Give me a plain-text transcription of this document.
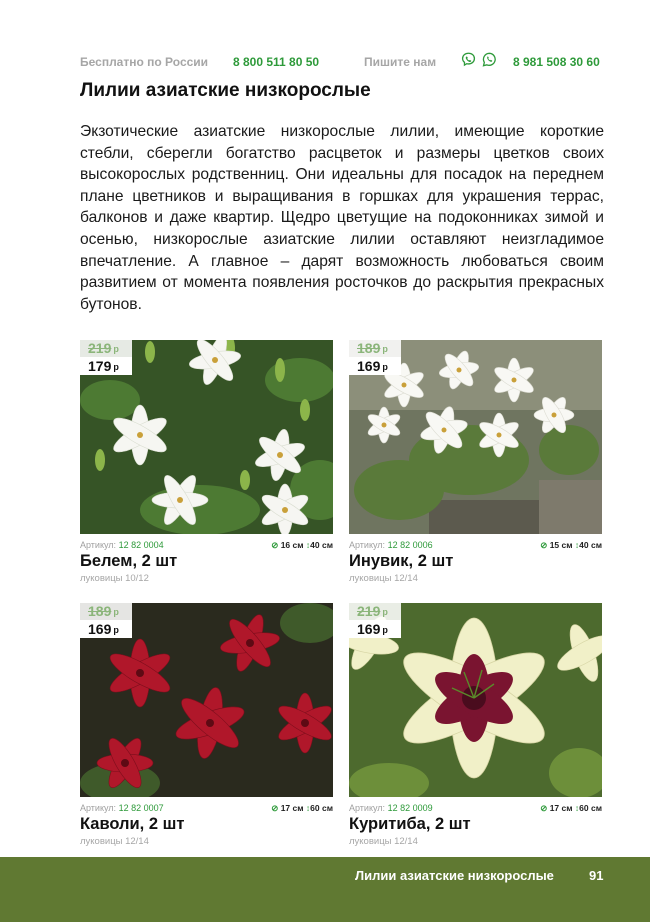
Бесплатно по России 8 800 511 80 50	Пишите нам	8 981 508 30 60
Лилии азиатские низкорослые

Экзотические азиатские низкорослые лилии, имеющие короткие стебли, сберегли богатство расцветок и размеры цветков своих высокорослых родственниц. Они идеальны для посадок на переднем плане цветников и выращивания в горшках для украшения террас, балконов и даже квартир. Щедро цветущие на подоконниках зимой и осенью, низкорослые азиатские лилии оставляют неизгладимое впечатление. А главное – дарят возможность любоваться своим развитием от момента появления росточков до раскрытия прекрасных бутонов.

219 р
179 р
Артикул: 12 82 0004	⊘ 16 см ↕40 см
Белем, 2 шт
луковицы 10/12
189 р
169 р
Артикул: 12 82 0006	⊘ 15 см ↕40 см
Инувик, 2 шт
луковицы 12/14
189 р
169 р
Артикул: 12 82 0007	⊘ 17 см ↕60 см
Каволи, 2 шт
луковицы 12/14
219 р
169 р
Артикул: 12 82 0009	⊘ 17 см ↕60 см
Куритиба, 2 шт
луковицы 12/14
Лилии азиатские низкорослые	91
